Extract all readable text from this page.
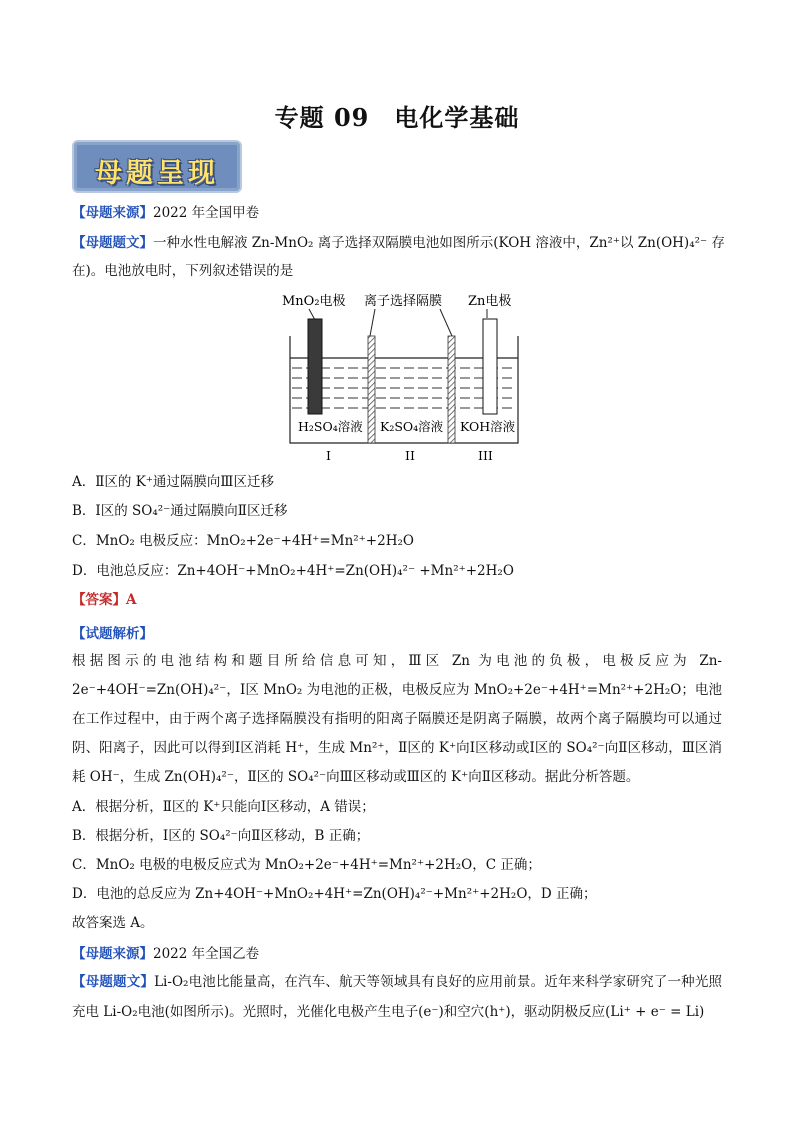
专题 09　电化学基础
母题呈现
【母题来源】2022 年全国甲卷
【母题题文】一种水性电解液 Zn-MnO₂ 离子选择双隔膜电池如图所示(KOH 溶液中，Zn²⁺以 Zn(OH)₄²⁻ 存
在)。电池放电时，下列叙述错误的是
MnO₂电极 离子选择隔膜 Zn电极
H₂SO₄溶液 K₂SO₄溶液 KOH溶液
I	II	III
A．Ⅱ区的 K⁺通过隔膜向Ⅲ区迁移
B．Ⅰ区的 SO₄²⁻通过隔膜向Ⅱ区迁移
C．MnO₂ 电极反应：MnO₂+2e⁻+4H⁺=Mn²⁺+2H₂O
D．电池总反应：Zn+4OH⁻+MnO₂+4H⁺=Zn(OH)₄²⁻ +Mn²⁺+2H₂O
【答案】A
【试题解析】
根据图示的电池结构和题目所给信息可知，Ⅲ区 Zn 为电池的负极，电极反应为 Zn-2e⁻+4OH⁻=Zn(OH)₄²⁻，Ⅰ区 MnO₂ 为电池的正极，电极反应为 MnO₂+2e⁻+4H⁺=Mn²⁺+2H₂O；电池在工作过程中，由于两个离子选择隔膜没有指明的阳离子隔膜还是阴离子隔膜，故两个离子隔膜均可以通过阴、阳离子，因此可以得到Ⅰ区消耗 H⁺，生成 Mn²⁺，Ⅱ区的 K⁺向Ⅰ区移动或Ⅰ区的 SO₄²⁻向Ⅱ区移动，Ⅲ区消耗 OH⁻，生成 Zn(OH)₄²⁻，Ⅱ区的 SO₄²⁻向Ⅲ区移动或Ⅲ区的 K⁺向Ⅱ区移动。据此分析答题。
A．根据分析，Ⅱ区的 K⁺只能向Ⅰ区移动，A 错误；
B．根据分析，Ⅰ区的 SO₄²⁻向Ⅱ区移动，B 正确；
C．MnO₂ 电极的电极反应式为 MnO₂+2e⁻+4H⁺=Mn²⁺+2H₂O，C 正确；
D．电池的总反应为 Zn+4OH⁻+MnO₂+4H⁺=Zn(OH)₄²⁻+Mn²⁺+2H₂O，D 正确；
故答案选 A。
【母题来源】2022 年全国乙卷
【母题题文】Li-O₂电池比能量高，在汽车、航天等领域具有良好的应用前景。近年来科学家研究了一种光照充电 Li-O₂电池(如图所示)。光照时，光催化电极产生电子(e⁻)和空穴(h⁺)，驱动阴极反应(Li⁺ + e⁻ = Li)
